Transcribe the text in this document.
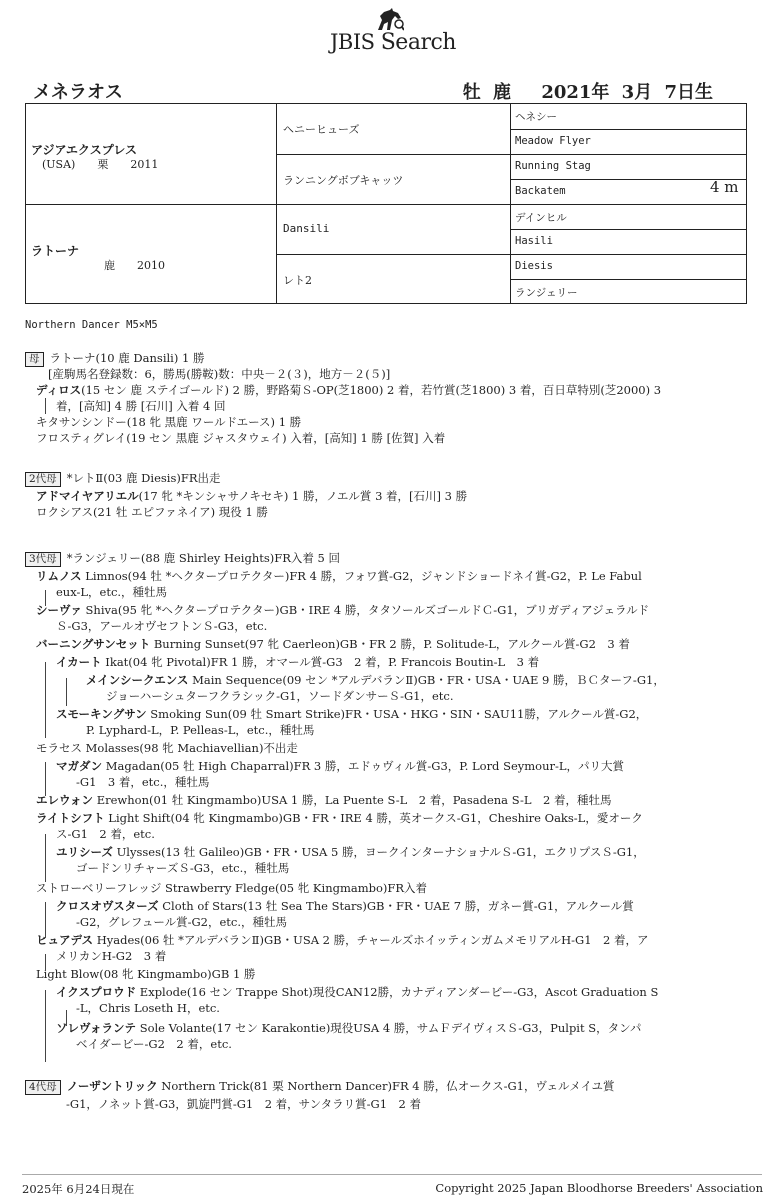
JBIS Search
メネラオス	牡 鹿　 2021年 3月 7日生
アジアエクスプレス
(USA)　　栗　　2011
ラトーナ
鹿　　2010
ヘニーヒューズ
ランニングボブキャッツ
Dansili
レト2
ヘネシー
Meadow Flyer
Running Stag
Backatem
デインヒル
Hasili
Diesis
ランジェリー
4 m
Northern Dancer M5×M5
母 ラトーナ(10 鹿 Dansili) 1 勝
[産駒馬名登録数：6，勝馬(勝鞍)数：中央－２(３)，地方－２(５)]
ディロス(15 セン 鹿 ステイゴールド) 2 勝，野路菊Ｓ-OP(芝1800) 2 着，若竹賞(芝1800) 3 着，百日草特別(芝2000) 3
着，[高知] 4 勝 [石川] 入着 4 回
キタサンシンドー(18 牝 黒鹿 ワールドエース) 1 勝
フロスティグレイ(19 セン 黒鹿 ジャスタウェイ) 入着，[高知] 1 勝 [佐賀] 入着
2代母 *レトⅡ(03 鹿 Diesis)FR出走
アドマイヤアリエル(17 牝 *キンシャサノキセキ) 1 勝，ノエル賞 3 着，[石川] 3 勝
ロクシアス(21 牡 エピファネイア) 現役 1 勝
3代母 *ランジェリー(88 鹿 Shirley Heights)FR入着 5 回
リムノス Limnos(94 牡 *ヘクタープロテクター)FR 4 勝，フォワ賞-G2，ジャンドショードネイ賞-G2，P. Le Fabul
eux-L，etc.，種牡馬
シーヴァ Shiva(95 牝 *ヘクタープロテクター)GB・IRE 4 勝，タタソールズゴールドＣ-G1，ブリガディアジェラルド
Ｓ-G3，アールオヴセフトンＳ-G3，etc.
バーニングサンセット Burning Sunset(97 牝 Caerleon)GB・FR 2 勝，P. Solitude-L，アルクール賞-G2　3 着
イカート Ikat(04 牝 Pivotal)FR 1 勝，オマール賞-G3　2 着，P. Francois Boutin-L　3 着
メインシークエンス Main Sequence(09 セン *アルデバランⅡ)GB・FR・USA・UAE 9 勝，ＢＣターフ-G1，
ジョーハーシュターフクラシック-G1，ソードダンサーＳ-G1，etc.
スモーキングサン Smoking Sun(09 牡 Smart Strike)FR・USA・HKG・SIN・SAU11勝，アルクール賞-G2，
P. Lyphard-L，P. Pelleas-L，etc.，種牡馬
モラセス Molasses(98 牝 Machiavellian)不出走
マガダン Magadan(05 牡 High Chaparral)FR 3 勝，エドゥヴィル賞-G3，P. Lord Seymour-L，パリ大賞
-G1　3 着，etc.，種牡馬
エレウォン Erewhon(01 牡 Kingmambo)USA 1 勝，La Puente S-L　2 着，Pasadena S-L　2 着，種牡馬
ライトシフト Light Shift(04 牝 Kingmambo)GB・FR・IRE 4 勝，英オークス-G1，Cheshire Oaks-L，愛オーク
ス-G1　2 着，etc.
ユリシーズ Ulysses(13 牡 Galileo)GB・FR・USA 5 勝，ヨークインターナショナルＳ-G1，エクリプスＳ-G1，
ゴードンリチャーズＳ-G3，etc.，種牡馬
ストローベリーフレッジ Strawberry Fledge(05 牝 Kingmambo)FR入着
クロスオヴスターズ Cloth of Stars(13 牡 Sea The Stars)GB・FR・UAE 7 勝，ガネー賞-G1，アルクール賞
-G2，グレフュール賞-G2，etc.，種牡馬
ヒュアデス Hyades(06 牡 *アルデバランⅡ)GB・USA 2 勝，チャールズホイッティンガムメモリアルH-G1　2 着，ア
メリカンH-G2　3 着
Light Blow(08 牝 Kingmambo)GB 1 勝
イクスプロウド Explode(16 セン Trappe Shot)現役CAN12勝，カナディアンダービー-G3，Ascot Graduation S
-L，Chris Loseth H，etc.
ソレヴォランテ Sole Volante(17 セン Karakontie)現役USA 4 勝，サムＦデイヴィスＳ-G3，Pulpit S，タンパ
ベイダービー-G2　2 着，etc.
4代母 ノーザントリック Northern Trick(81 栗 Northern Dancer)FR 4 勝，仏オークス-G1，ヴェルメイユ賞
-G1，ノネット賞-G3，凱旋門賞-G1　2 着，サンタラリ賞-G1　2 着
2025年 6月24日現在	Copyright 2025 Japan Bloodhorse Breeders' Association
